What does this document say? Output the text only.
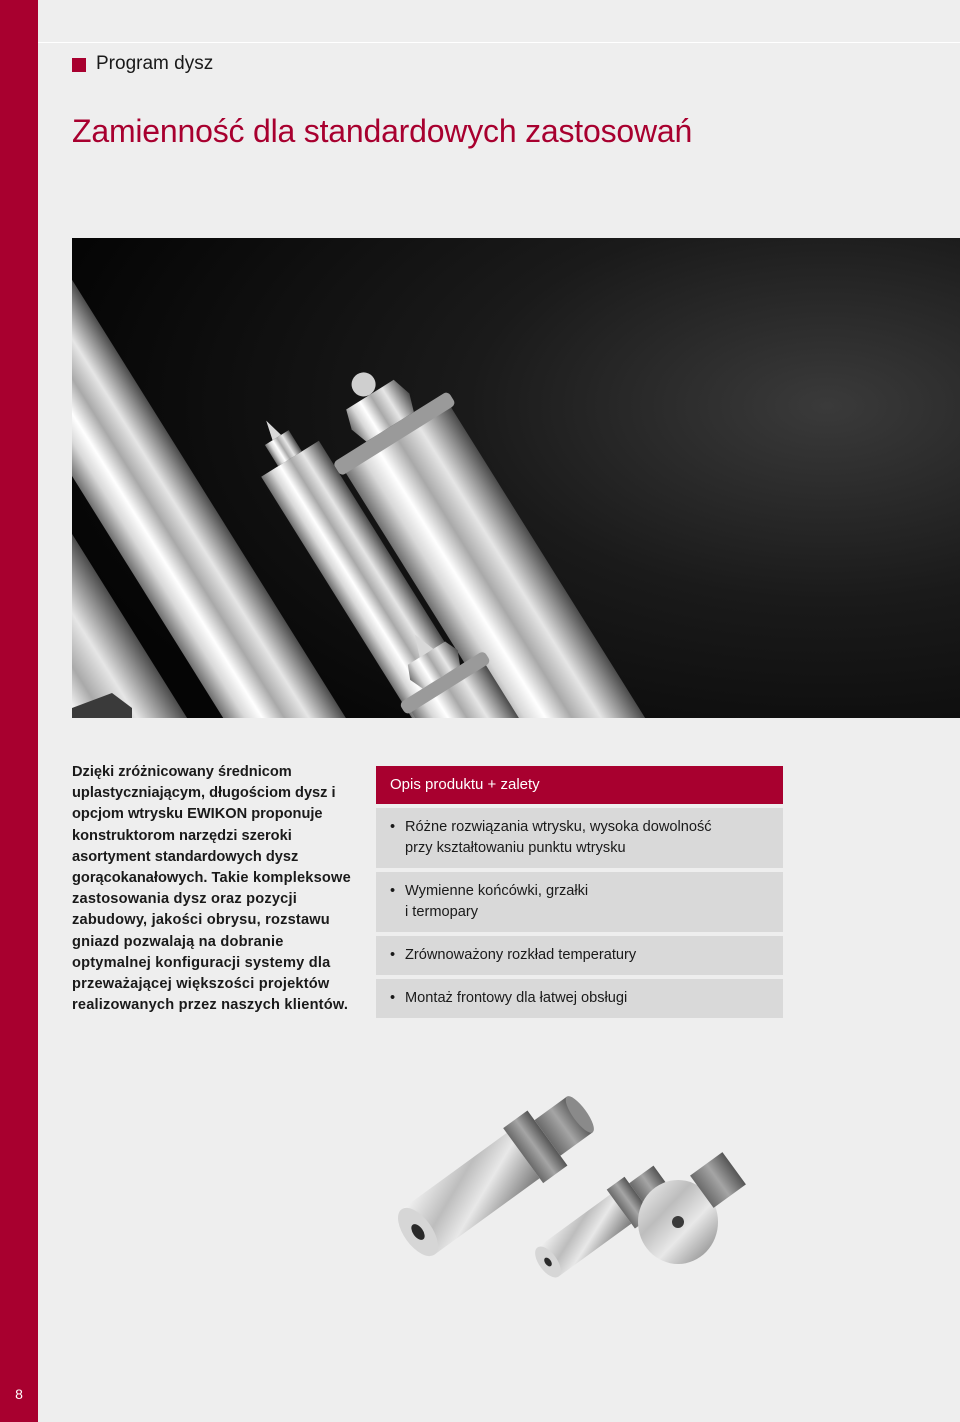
8
Program dysz
Zamienność dla standardowych zastosowań

Dzięki zróżnicowany średnicom uplastyczniającym, długościom dysz i opcjom wtrysku EWIKON proponuje konstruktorom narzędzi szeroki asortyment standardowych dysz gorącokanałowych. Takie kompleksowe zastosowania dysz oraz pozycji zabudowy, jakości obrysu, rozstawu gniazd pozwalają na dobranie optymalnej konfiguracji systemy dla przeważającej większości projektów realizowanych przez naszych klientów.

Opis produktu + zalety
• Różne rozwiązania wtrysku, wysoka dowolność
przy kształtowaniu punktu wtrysku
• Wymienne końcówki, grzałki
i termopary
• Zrównoważony rozkład temperatury
• Montaż frontowy dla łatwej obsługi
